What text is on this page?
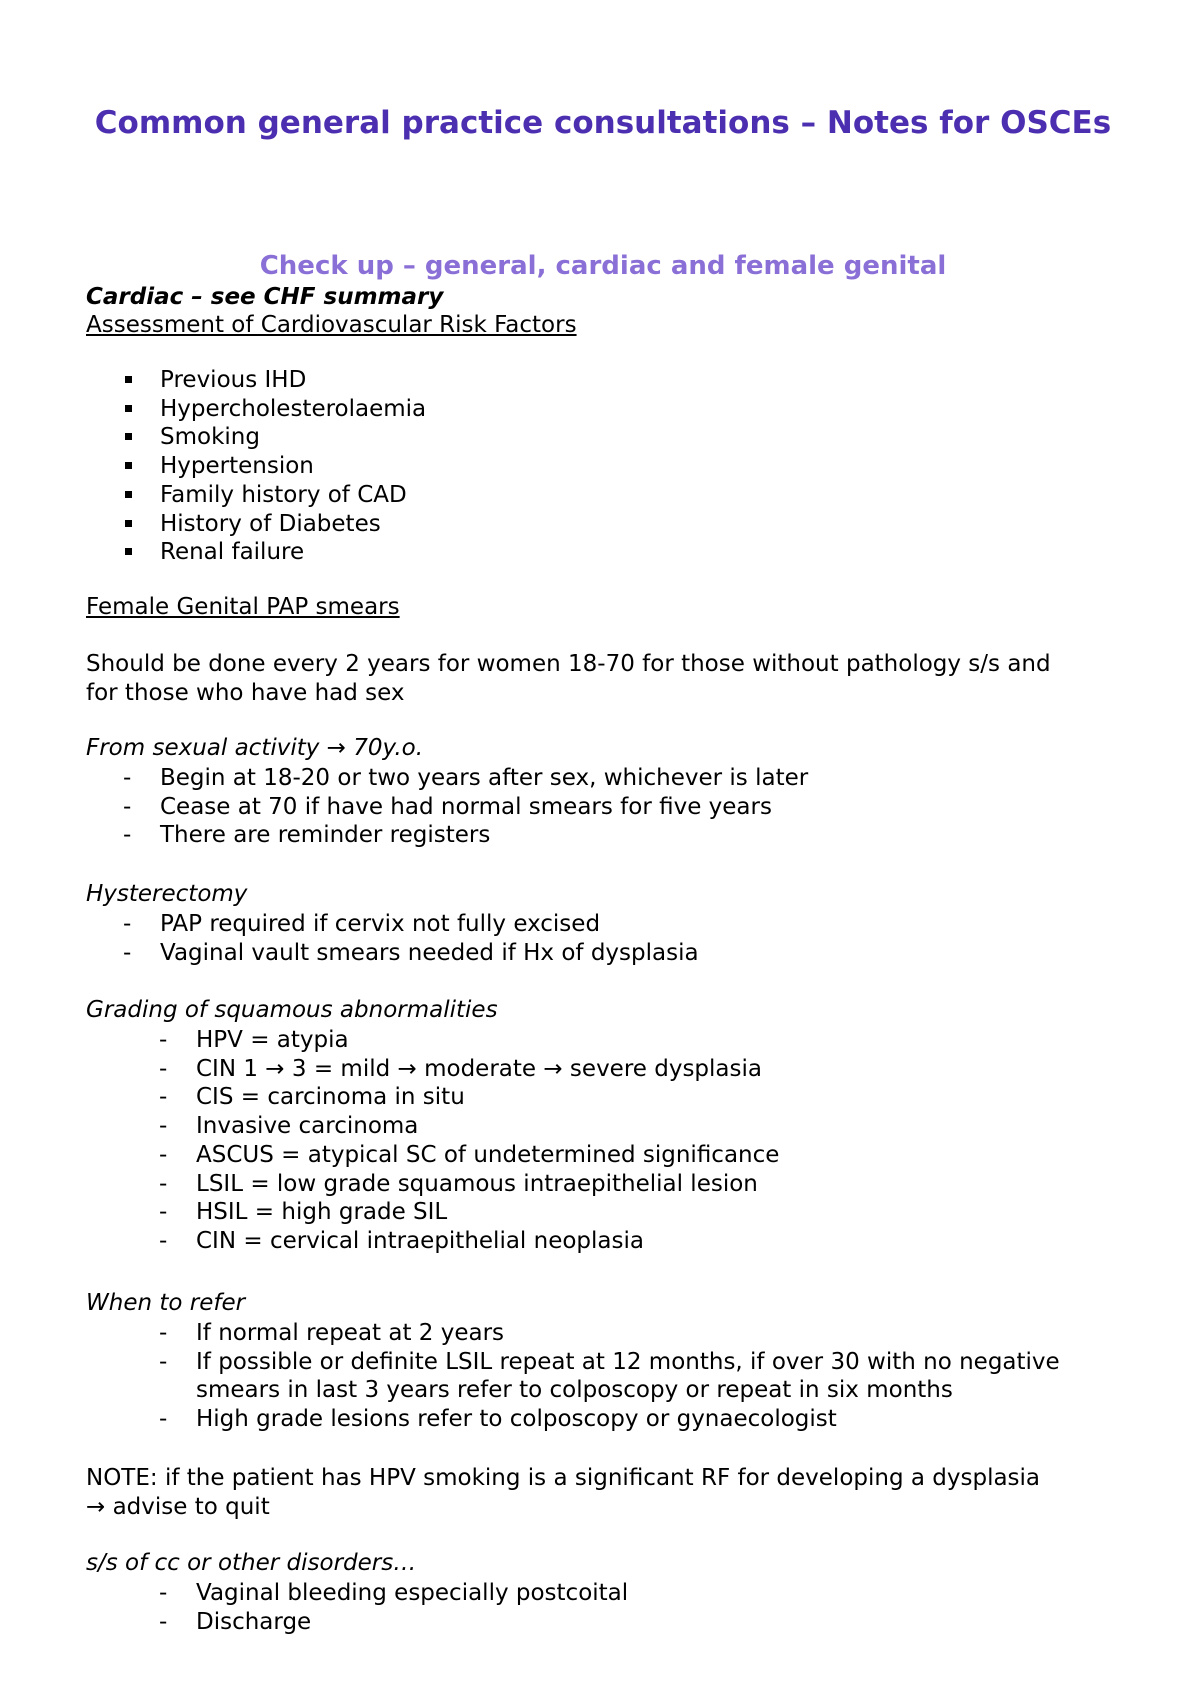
Common general practice consultations – Notes for OSCEs
Check up – general, cardiac and female genital
Cardiac – see CHF summary
Assessment of Cardiovascular Risk Factors
Previous IHD
Hypercholesterolaemia
Smoking
Hypertension
Family history of CAD
History of Diabetes
Renal failure
Female Genital PAP smears
Should be done every 2 years for women 18-70 for those without pathology s/s and
for those who have had sex
From sexual activity → 70y.o.
- Begin at 18-20 or two years after sex, whichever is later
- Cease at 70 if have had normal smears for five years
- There are reminder registers
Hysterectomy
- PAP required if cervix not fully excised
- Vaginal vault smears needed if Hx of dysplasia
Grading of squamous abnormalities
- HPV = atypia
- CIN 1 → 3 = mild → moderate → severe dysplasia
- CIS = carcinoma in situ
- Invasive carcinoma
- ASCUS = atypical SC of undetermined significance
- LSIL = low grade squamous intraepithelial lesion
- HSIL = high grade SIL
- CIN = cervical intraepithelial neoplasia
When to refer
- If normal repeat at 2 years
- If possible or definite LSIL repeat at 12 months, if over 30 with no negative
smears in last 3 years refer to colposcopy or repeat in six months
- High grade lesions refer to colposcopy or gynaecologist
NOTE: if the patient has HPV smoking is a significant RF for developing a dysplasia
→ advise to quit
s/s of cc or other disorders…
- Vaginal bleeding especially postcoital
- Discharge
